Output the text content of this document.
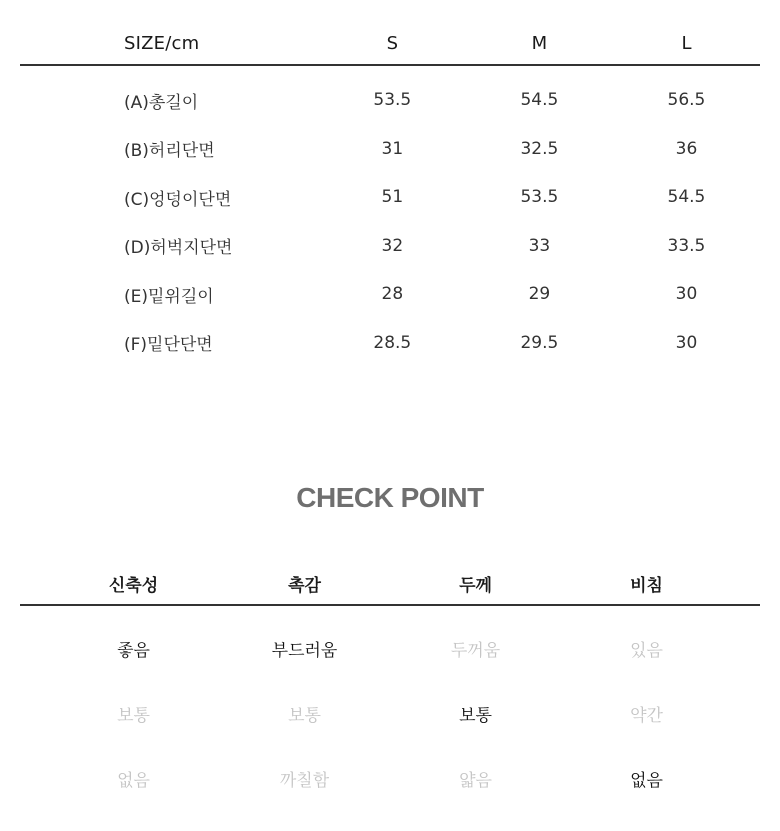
SIZE/cm	S	M	L
(A)총길이	53.5	54.5	56.5
(B)허리단면	31	32.5	36
(C)엉덩이단면	51	53.5	54.5
(D)허벅지단면	32	33	33.5
(E)밑위길이	28	29	30
(F)밑단단면	28.5	29.5	30
CHECK POINT
신축성	촉감	두께	비침
좋음	부드러움	두꺼움	있음
보통	보통	보통	약간
없음	까칠함	얇음	없음
